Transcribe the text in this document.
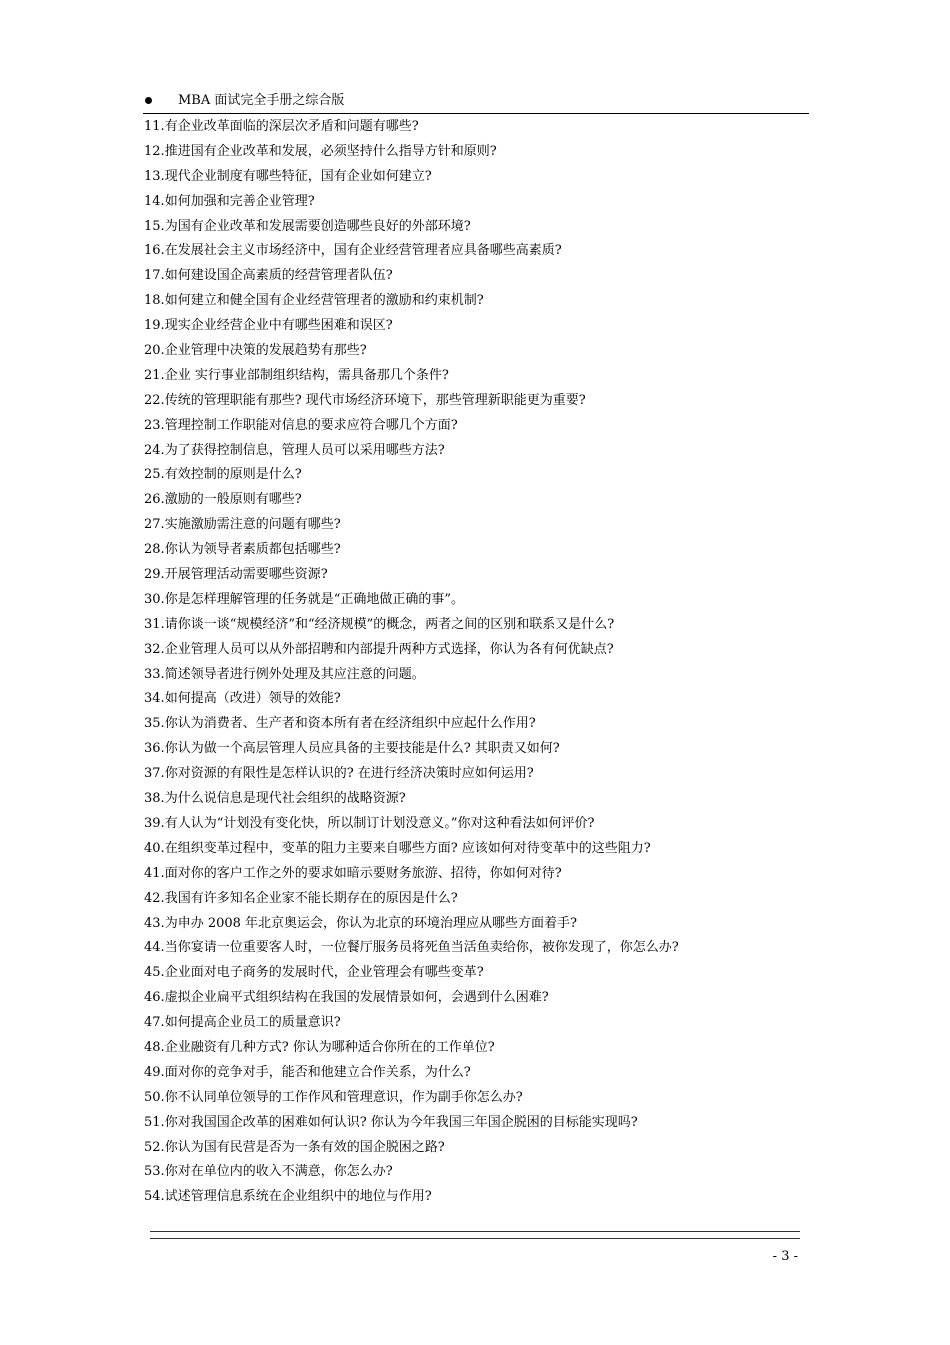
MBA 面试完全手册之综合版
11.有企业改革面临的深层次矛盾和问题有哪些?
12.推进国有企业改革和发展，必须坚持什么指导方针和原则?
13.现代企业制度有哪些特征，国有企业如何建立?
14.如何加强和完善企业管理?
15.为国有企业改革和发展需要创造哪些良好的外部环境?
16.在发展社会主义市场经济中，国有企业经营管理者应具备哪些高素质?
17.如何建设国企高素质的经营管理者队伍?
18.如何建立和健全国有企业经营管理者的激励和约束机制?
19.现实企业经营企业中有哪些困难和误区?
20.企业管理中决策的发展趋势有那些?
21.企业 实行事业部制组织结构，需具备那几个条件?
22.传统的管理职能有那些? 现代市场经济环境下，那些管理新职能更为重要?
23.管理控制工作职能对信息的要求应符合哪几个方面?
24.为了获得控制信息，管理人员可以采用哪些方法?
25.有效控制的原则是什么?
26.激励的一般原则有哪些?
27.实施激励需注意的问题有哪些?
28.你认为领导者素质都包括哪些?
29.开展管理活动需要哪些资源?
30.你是怎样理解管理的任务就是“正确地做正确的事”。
31.请你谈一谈“规模经济”和“经济规模”的概念，两者之间的区别和联系又是什么?
32.企业管理人员可以从外部招聘和内部提升两种方式选择，你认为各有何优缺点?
33.简述领导者进行例外处理及其应注意的问题。
34.如何提高（改进）领导的效能?
35.你认为消费者、生产者和资本所有者在经济组织中应起什么作用?
36.你认为做一个高层管理人员应具备的主要技能是什么? 其职责又如何?
37.你对资源的有限性是怎样认识的? 在进行经济决策时应如何运用?
38.为什么说信息是现代社会组织的战略资源?
39.有人认为“计划没有变化快，所以制订计划没意义。”你对这种看法如何评价?
40.在组织变革过程中，变革的阻力主要来自哪些方面? 应该如何对待变革中的这些阻力?
41.面对你的客户工作之外的要求如暗示要财务旅游、招待，你如何对待?
42.我国有许多知名企业家不能长期存在的原因是什么?
43.为申办 2008 年北京奥运会，你认为北京的环境治理应从哪些方面着手?
44.当你宴请一位重要客人时，一位餐厅服务员将死鱼当活鱼卖给你，被你发现了，你怎么办?
45.企业面对电子商务的发展时代，企业管理会有哪些变革?
46.虚拟企业扁平式组织结构在我国的发展情景如何，会遇到什么困难?
47.如何提高企业员工的质量意识?
48.企业融资有几种方式? 你认为哪种适合你所在的工作单位?
49.面对你的竞争对手，能否和他建立合作关系，为什么?
50.你不认同单位领导的工作作风和管理意识，作为副手你怎么办?
51.你对我国国企改革的困难如何认识? 你认为今年我国三年国企脱困的目标能实现吗?
52.你认为国有民营是否为一条有效的国企脱困之路?
53.你对在单位内的收入不满意，你怎么办?
54.试述管理信息系统在企业组织中的地位与作用?
- 3 -
